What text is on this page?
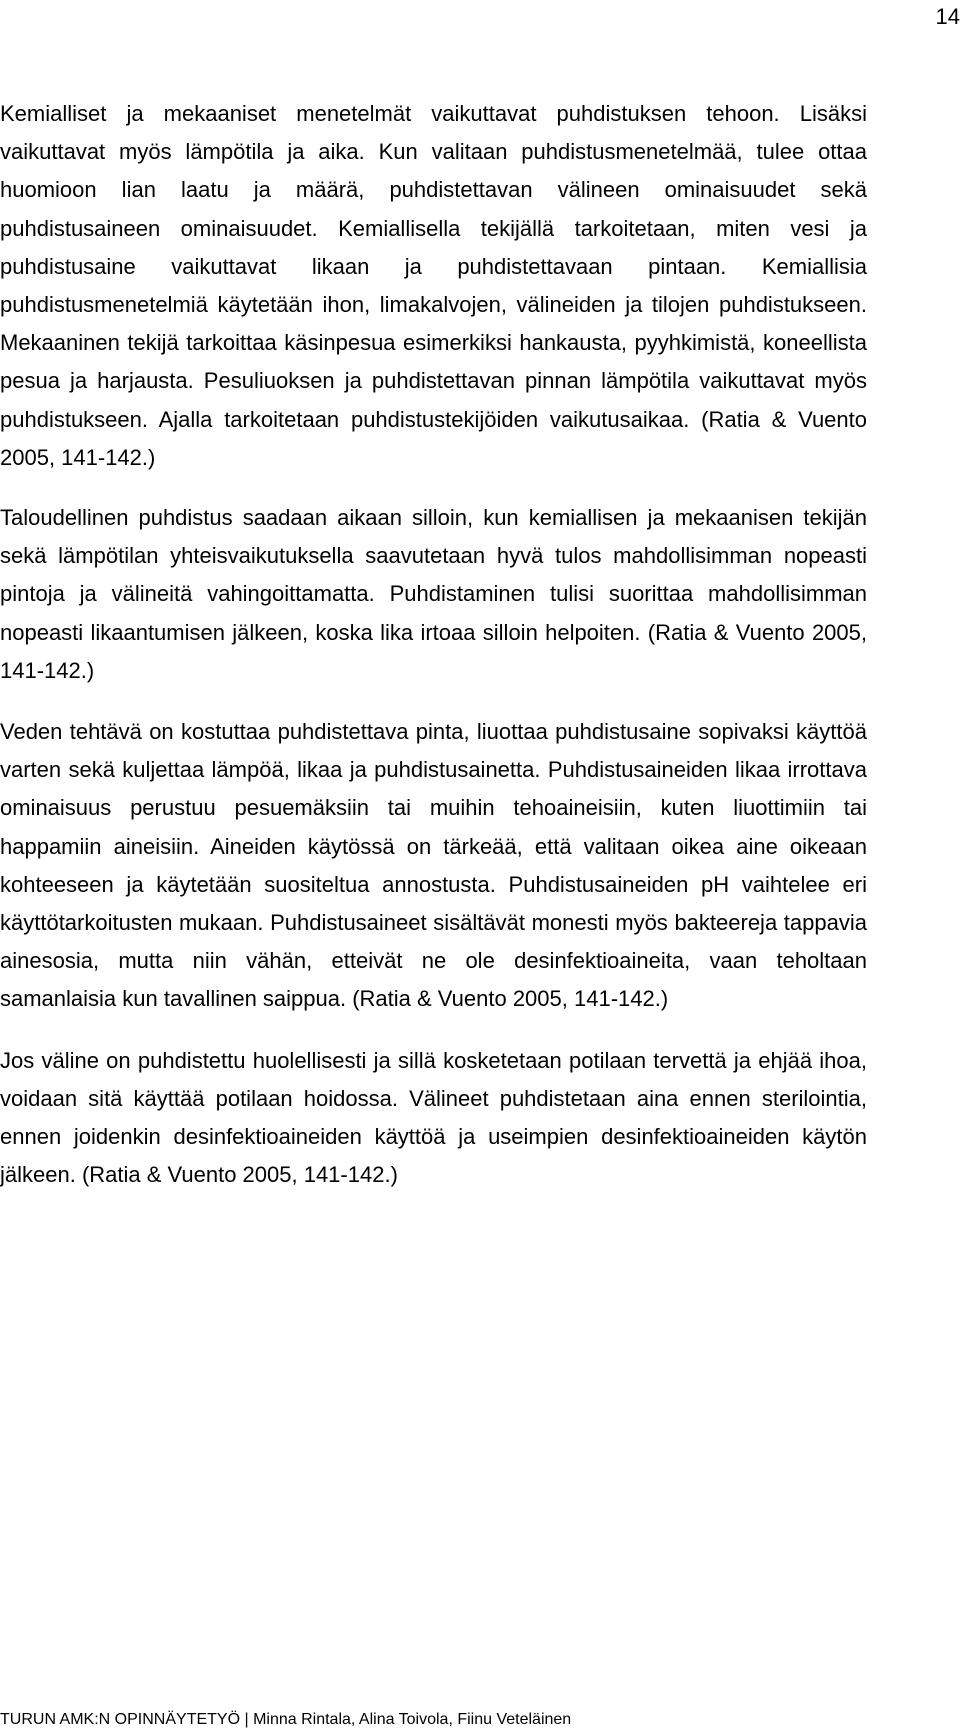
14

Kemialliset ja mekaaniset menetelmät vaikuttavat puhdistuksen tehoon. Lisäksi vaikuttavat myös lämpötila ja aika. Kun valitaan puhdistusmenetelmää, tulee ottaa huomioon lian laatu ja määrä, puhdistettavan välineen ominaisuudet sekä puhdistusaineen ominaisuudet. Kemiallisella tekijällä tarkoitetaan, miten vesi ja puhdistusaine vaikuttavat likaan ja puhdistettavaan pintaan. Kemiallisia puhdistusmenetelmiä käytetään ihon, limakalvojen, välineiden ja tilojen puhdistukseen. Mekaaninen tekijä tarkoittaa käsinpesua esimerkiksi hankausta, pyyhkimistä, koneellista pesua ja harjausta. Pesuliuoksen ja puhdistettavan pinnan lämpötila vaikuttavat myös puhdistukseen. Ajalla tarkoitetaan puhdistustekijöiden vaikutusaikaa. (Ratia & Vuento 2005, 141-142.)

Taloudellinen puhdistus saadaan aikaan silloin, kun kemiallisen ja mekaanisen tekijän sekä lämpötilan yhteisvaikutuksella saavutetaan hyvä tulos mahdollisimman nopeasti pintoja ja välineitä vahingoittamatta. Puhdistaminen tulisi suorittaa mahdollisimman nopeasti likaantumisen jälkeen, koska lika irtoaa silloin helpoiten. (Ratia & Vuento 2005, 141-142.)

Veden tehtävä on kostuttaa puhdistettava pinta, liuottaa puhdistusaine sopivaksi käyttöä varten sekä kuljettaa lämpöä, likaa ja puhdistusainetta. Puhdistusaineiden likaa irrottava ominaisuus perustuu pesuemäksiin tai muihin tehoaineisiin, kuten liuottimiin tai happamiin aineisiin. Aineiden käytössä on tärkeää, että valitaan oikea aine oikeaan kohteeseen ja käytetään suositeltua annostusta. Puhdistusaineiden pH vaihtelee eri käyttötarkoitusten mukaan. Puhdistusaineet sisältävät monesti myös bakteereja tappavia ainesosia, mutta niin vähän, etteivät ne ole desinfektioaineita, vaan teholtaan samanlaisia kun tavallinen saippua. (Ratia & Vuento 2005, 141-142.)

Jos väline on puhdistettu huolellisesti ja sillä kosketetaan potilaan tervettä ja ehjää ihoa, voidaan sitä käyttää potilaan hoidossa. Välineet puhdistetaan aina ennen sterilointia, ennen joidenkin desinfektioaineiden käyttöä ja useimpien desinfektioaineiden käytön jälkeen. (Ratia & Vuento 2005, 141-142.)

TURUN AMK:N OPINNÄYTETYÖ | Minna Rintala, Alina Toivola, Fiinu Veteläinen
